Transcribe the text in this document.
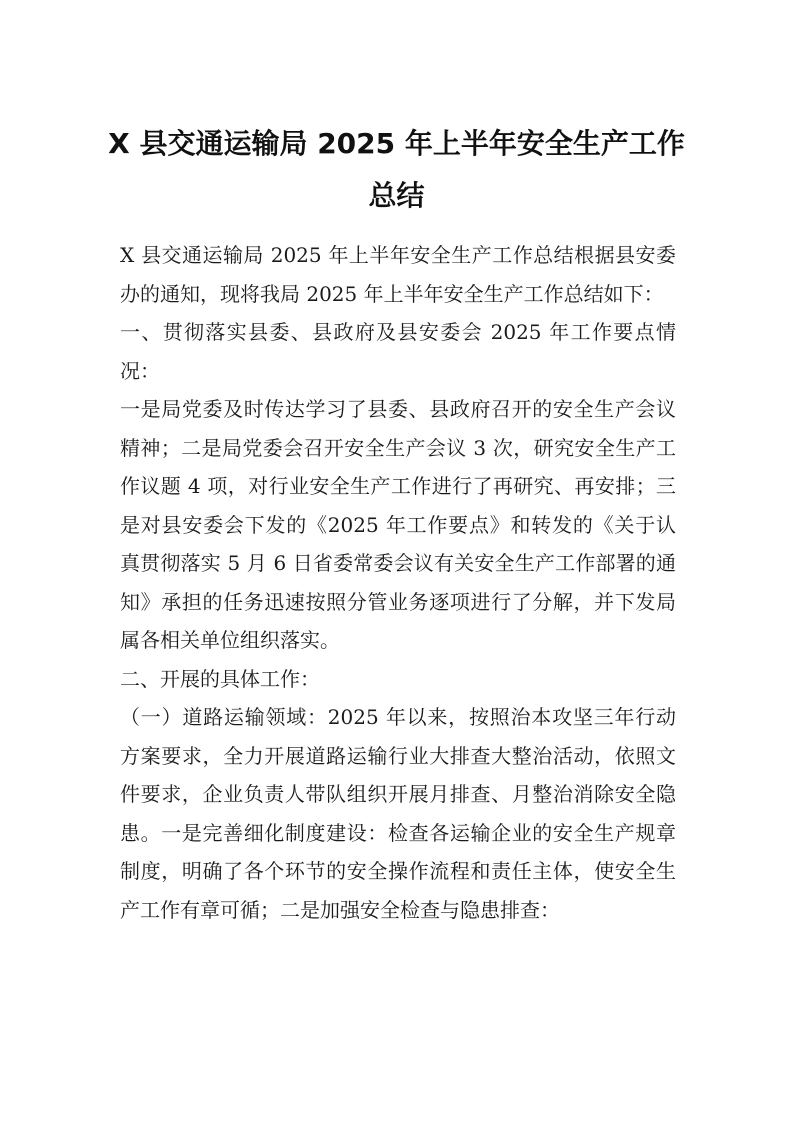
X 县交通运输局 2025 年上半年安全生产工作总结

X 县交通运输局 2025 年上半年安全生产工作总结根据县安委办的通知，现将我局 2025 年上半年安全生产工作总结如下：

一、贯彻落实县委、县政府及县安委会 2025 年工作要点情况：

一是局党委及时传达学习了县委、县政府召开的安全生产会议精神；二是局党委会召开安全生产会议 3 次，研究安全生产工作议题 4 项，对行业安全生产工作进行了再研究、再安排；三是对县安委会下发的《2025 年工作要点》和转发的《关于认真贯彻落实 5 月 6 日省委常委会议有关安全生产工作部署的通知》承担的任务迅速按照分管业务逐项进行了分解，并下发局属各相关单位组织落实。

二、开展的具体工作：

（一）道路运输领域：2025 年以来，按照治本攻坚三年行动方案要求，全力开展道路运输行业大排查大整治活动，依照文件要求，企业负责人带队组织开展月排查、月整治消除安全隐患。一是完善细化制度建设：检查各运输企业的安全生产规章制度，明确了各个环节的安全操作流程和责任主体，使安全生产工作有章可循；二是加强安全检查与隐患排查：
